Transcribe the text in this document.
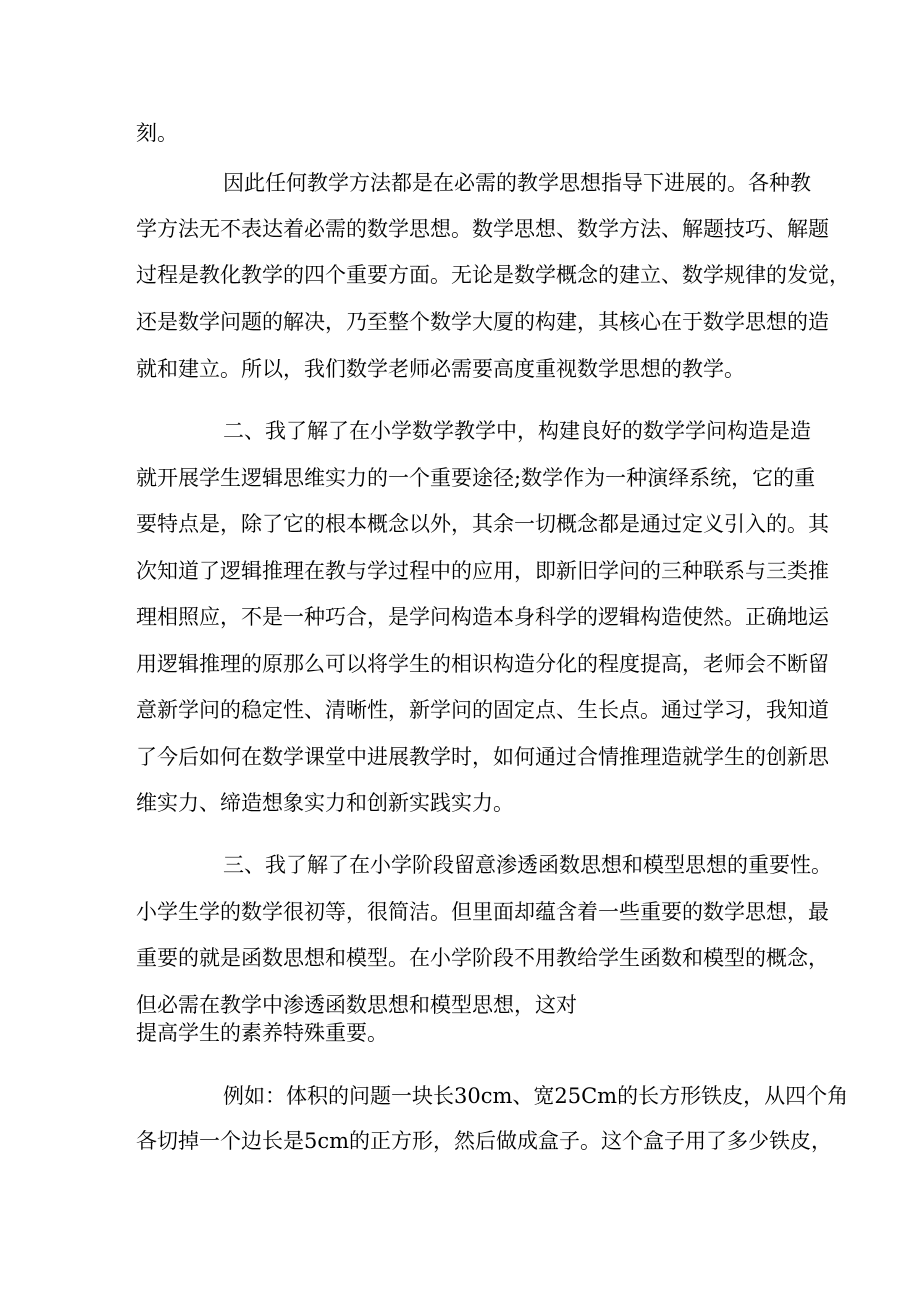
刻。
因此任何教学方法都是在必需的教学思想指导下进展的。各种教
学方法无不表达着必需的数学思想。数学思想、数学方法、解题技巧、解题
过程是教化教学的四个重要方面。无论是数学概念的建立、数学规律的发觉，
还是数学问题的解决，乃至整个数学大厦的构建，其核心在于数学思想的造
就和建立。所以，我们数学老师必需要高度重视数学思想的教学。
二、我了解了在小学数学教学中，构建良好的数学学问构造是造
就开展学生逻辑思维实力的一个重要途径;数学作为一种演绎系统，它的重
要特点是，除了它的根本概念以外，其余一切概念都是通过定义引入的。其
次知道了逻辑推理在教与学过程中的应用，即新旧学问的三种联系与三类推
理相照应，不是一种巧合，是学问构造本身科学的逻辑构造使然。正确地运
用逻辑推理的原那么可以将学生的相识构造分化的程度提高，老师会不断留
意新学问的稳定性、清晰性，新学问的固定点、生长点。通过学习，我知道
了今后如何在数学课堂中进展教学时，如何通过合情推理造就学生的创新思
维实力、缔造想象实力和创新实践实力。
三、我了解了在小学阶段留意渗透函数思想和模型思想的重要性。
小学生学的数学很初等，很简洁。但里面却蕴含着一些重要的数学思想，最
重要的就是函数思想和模型。在小学阶段不用教给学生函数和模型的概念，
但必需在教学中渗透函数思想和模型思想，这对
提高学生的素养特殊重要。
例如：体积的问题一块长30cm、宽25Cm的长方形铁皮，从四个角
各切掉一个边长是5cm的正方形，然后做成盒子。这个盒子用了多少铁皮，
